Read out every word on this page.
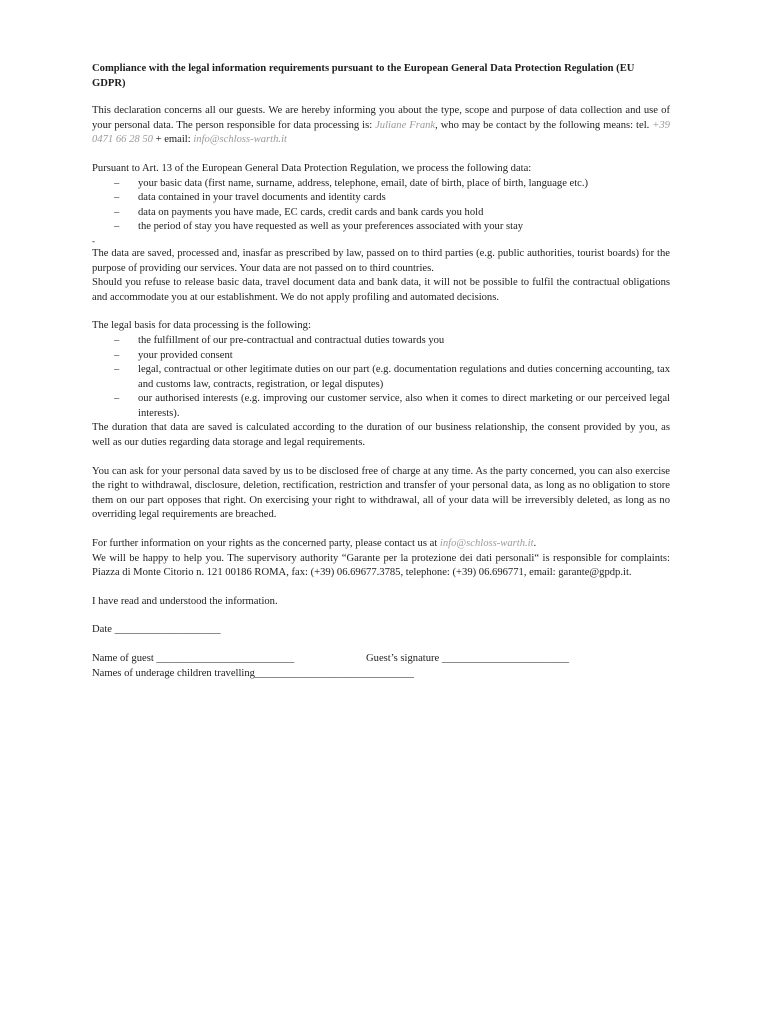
Compliance with the legal information requirements pursuant to the European General Data Protection Regulation (EU GDPR)

This declaration concerns all our guests. We are hereby informing you about the type, scope and purpose of data collection and use of your personal data. The person responsible for data processing is: Juliane Frank, who may be contact by the following means: tel. +39 0471 66 28 50 + email: info@schloss-warth.it

Pursuant to Art. 13 of the European General Data Protection Regulation, we process the following data:

– your basic data (first name, surname, address, telephone, email, date of birth, place of birth, language etc.)
– data contained in your travel documents and identity cards
– data on payments you have made, EC cards, credit cards and bank cards you hold
– the period of stay you have requested as well as your preferences associated with your stay

-

The data are saved, processed and, inasfar as prescribed by law, passed on to third parties (e.g. public authorities, tourist boards) for the purpose of providing our services. Your data are not passed on to third countries.

Should you refuse to release basic data, travel document data and bank data, it will not be possible to fulfil the contractual obligations and accommodate you at our establishment. We do not apply profiling and automated decisions.

The legal basis for data processing is the following:

– the fulfillment of our pre-contractual and contractual duties towards you
– your provided consent
– legal, contractual or other legitimate duties on our part (e.g. documentation regulations and duties concerning accounting, tax and customs law, contracts, registration, or legal disputes)
– our authorised interests (e.g. improving our customer service, also when it comes to direct marketing or our perceived legal interests).

The duration that data are saved is calculated according to the duration of our business relationship, the consent provided by you, as well as our duties regarding data storage and legal requirements.

You can ask for your personal data saved by us to be disclosed free of charge at any time. As the party concerned, you can also exercise the right to withdrawal, disclosure, deletion, rectification, restriction and transfer of your personal data, as long as no obligation to store them on our part opposes that right. On exercising your right to withdrawal, all of your data will be irreversibly deleted, as long as no overriding legal requirements are breached.

For further information on your rights as the concerned party, please contact us at info@schloss-warth.it.

We will be happy to help you. The supervisory authority “Garante per la protezione dei dati personali“ is responsible for complaints: Piazza di Monte Citorio n. 121 00186 ROMA, fax: (+39) 06.69677.3785, telephone: (+39) 06.696771, email: garante@gpdp.it.

I have read and understood the information.

Date ____________________

Name of guest __________________________	Guest’s signature ________________________

Names of underage children travelling______________________________
